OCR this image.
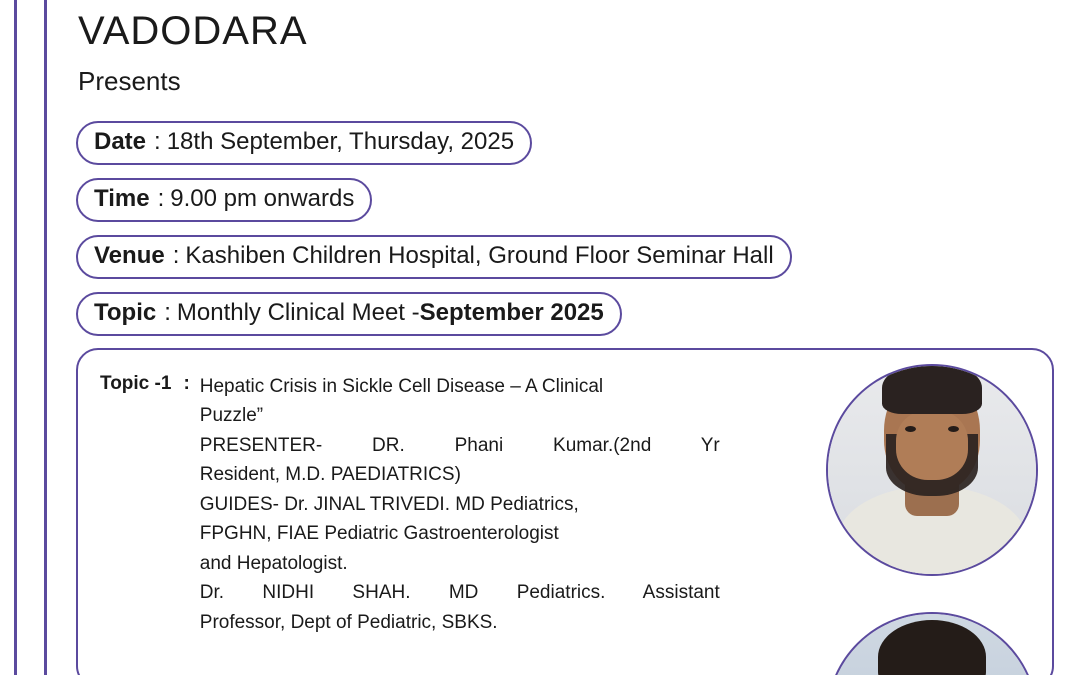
VADODARA
Presents
Date : 18th September, Thursday, 2025
Time : 9.00 pm onwards
Venue : Kashiben Children Hospital, Ground Floor Seminar Hall
Topic : Monthly Clinical Meet - September 2025
Topic -1 : Hepatic Crisis in Sickle Cell Disease – A Clinical

Puzzle”

PRESENTER- DR. Phani Kumar.(2nd Yr

Resident, M.D. PAEDIATRICS)

GUIDES- Dr. JINAL TRIVEDI. MD Pediatrics,

FPGHN, FIAE Pediatric Gastroenterologist

and Hepatologist.

Dr. NIDHI SHAH. MD Pediatrics. Assistant

Professor, Dept of Pediatric, SBKS.
